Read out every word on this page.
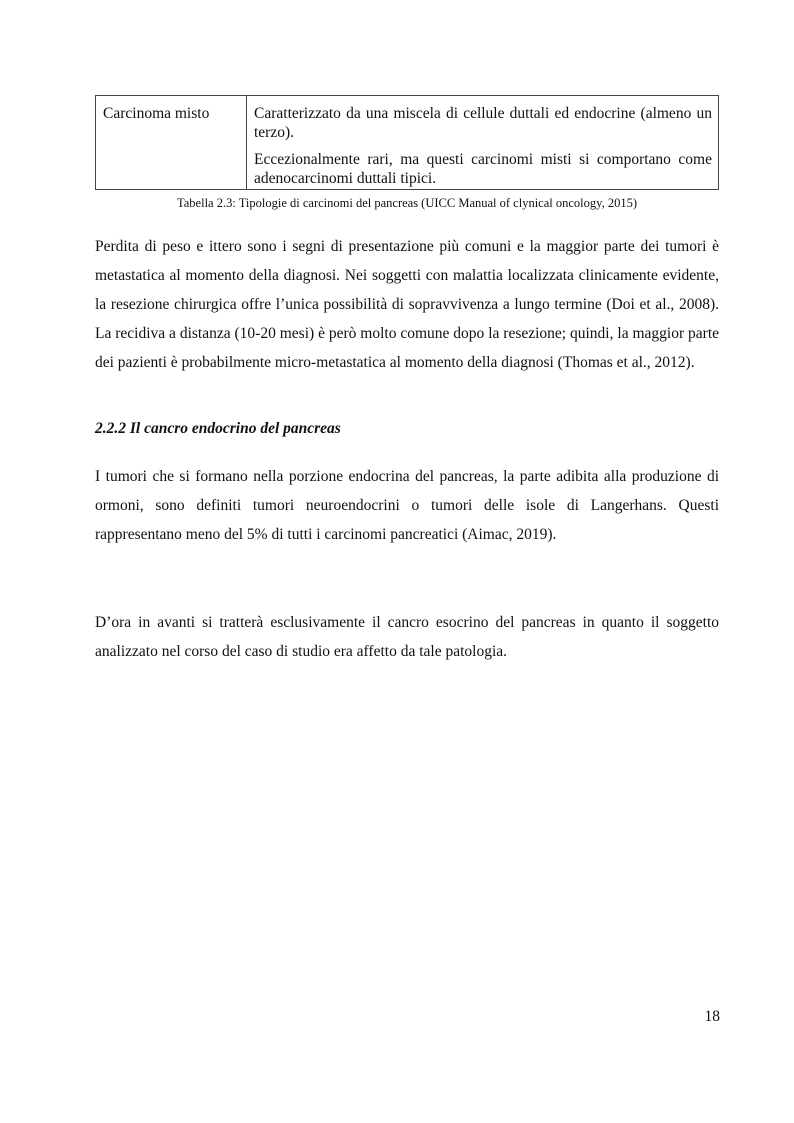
Carcinoma misto	Caratterizzato da una miscela di cellule duttali ed endocrine (almeno un terzo).

Eccezionalmente rari, ma questi carcinomi misti si comportano come adenocarcinomi duttali tipici.

Tabella 2.3: Tipologie di carcinomi del pancreas (UICC Manual of clynical oncology, 2015)

Perdita di peso e ittero sono i segni di presentazione più comuni e la maggior parte dei tumori è metastatica al momento della diagnosi. Nei soggetti con malattia localizzata clinicamente evidente, la resezione chirurgica offre l’unica possibilità di sopravvivenza a lungo termine (Doi et al., 2008). La recidiva a distanza (10-20 mesi) è però molto comune dopo la resezione; quindi, la maggior parte dei pazienti è probabilmente micro-metastatica al momento della diagnosi (Thomas et al., 2012).

2.2.2 Il cancro endocrino del pancreas

I tumori che si formano nella porzione endocrina del pancreas, la parte adibita alla produzione di ormoni, sono definiti tumori neuroendocrini o tumori delle isole di Langerhans. Questi rappresentano meno del 5% di tutti i carcinomi pancreatici (Aimac, 2019).

D’ora in avanti si tratterà esclusivamente il cancro esocrino del pancreas in quanto il soggetto analizzato nel corso del caso di studio era affetto da tale patologia.

18
